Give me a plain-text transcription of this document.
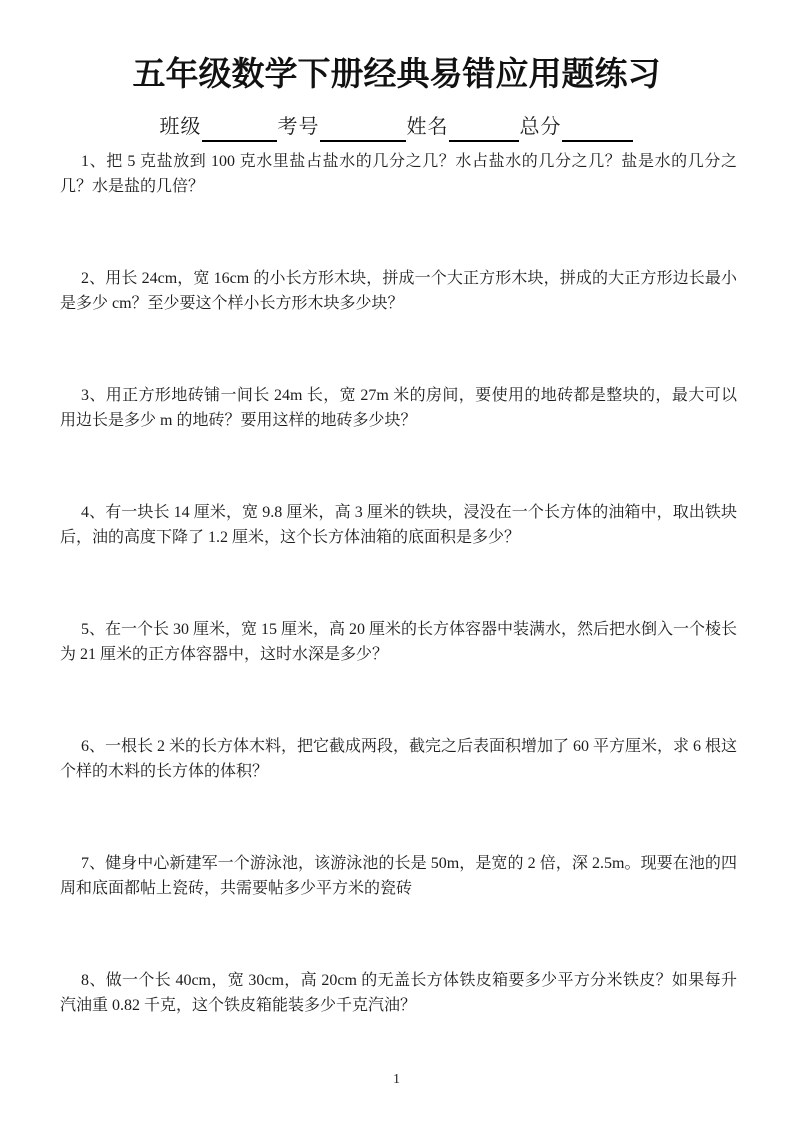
五年级数学下册经典易错应用题练习
班级	考号	姓名	总分

1、把 5 克盐放到 100 克水里盐占盐水的几分之几？水占盐水的几分之几？盐是水的几分之几？水是盐的几倍？

2、用长 24cm，宽 16cm 的小长方形木块，拼成一个大正方形木块，拼成的大正方形边长最小是多少 cm？至少要这个样小长方形木块多少块？

3、用正方形地砖铺一间长 24m 长，宽 27m 米的房间，要使用的地砖都是整块的，最大可以用边长是多少 m 的地砖？要用这样的地砖多少块？

4、有一块长 14 厘米，宽 9.8 厘米，高 3 厘米的铁块，浸没在一个长方体的油箱中，取出铁块后，油的高度下降了 1.2 厘米，这个长方体油箱的底面积是多少？

5、在一个长 30 厘米，宽 15 厘米，高 20 厘米的长方体容器中装满水，然后把水倒入一个棱长为 21 厘米的正方体容器中，这时水深是多少？

6、一根长 2 米的长方体木料，把它截成两段，截完之后表面积增加了 60 平方厘米，求 6 根这个样的木料的长方体的体积？

7、健身中心新建军一个游泳池，该游泳池的长是 50m，是宽的 2 倍，深 2.5m。现要在池的四周和底面都帖上瓷砖，共需要帖多少平方米的瓷砖

8、做一个长 40cm，宽 30cm，高 20cm 的无盖长方体铁皮箱要多少平方分米铁皮？如果每升汽油重 0.82 千克，这个铁皮箱能装多少千克汽油？

1
